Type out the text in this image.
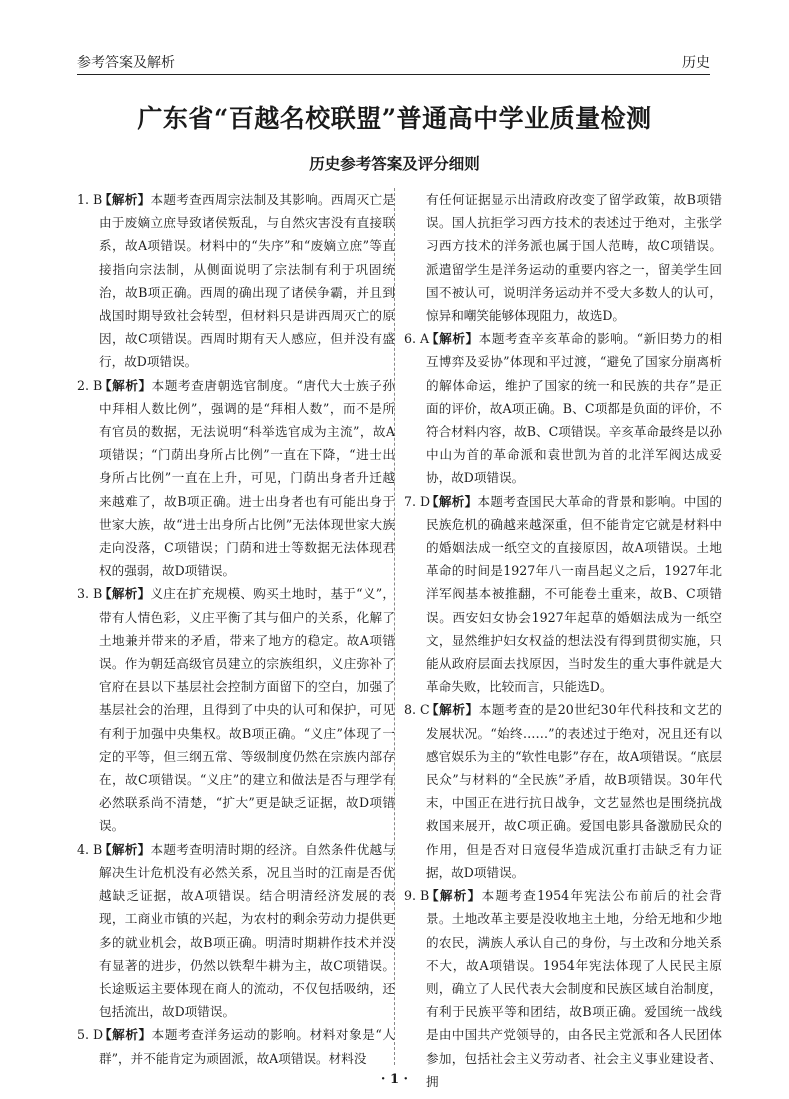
参考答案及解析	历史
广东省“百越名校联盟”普通高中学业质量检测
历史参考答案及评分细则

1. B
【解析】本题考查西周宗法制及其影响。西周灭亡是由于废嫡立庶导致诸侯叛乱，与自然灾害没有直接联系，故A项错误。材料中的“失序”和“废嫡立庶”等直接指向宗法制，从侧面说明了宗法制有利于巩固统治，故B项正确。西周的确出现了诸侯争霸，并且到战国时期导致社会转型，但材料只是讲西周灭亡的原因，故C项错误。西周时期有天人感应，但并没有盛行，故D项错误。

2. B
【解析】本题考查唐朝选官制度。“唐代大士族子孙中拜相人数比例”，强调的是“拜相人数”，而不是所有官员的数据，无法说明“科举选官成为主流”，故A项错误；“门荫出身所占比例”一直在下降，“进士出身所占比例”一直在上升，可见，门荫出身者升迁越来越难了，故B项正确。进士出身者也有可能出身于世家大族，故“进士出身所占比例”无法体现世家大族走向没落，C项错误；门荫和进士等数据无法体现君权的强弱，故D项错误。

3. B
【解析】义庄在扩充规模、购买土地时，基于“义”，带有人情色彩，义庄平衡了其与佃户的关系，化解了土地兼并带来的矛盾，带来了地方的稳定。故A项错误。作为朝廷高级官员建立的宗族组织，义庄弥补了官府在县以下基层社会控制方面留下的空白，加强了基层社会的治理，且得到了中央的认可和保护，可见有利于加强中央集权。故B项正确。“义庄”体现了一定的平等，但三纲五常、等级制度仍然在宗族内部存在，故C项错误。“义庄”的建立和做法是否与理学有必然联系尚不清楚，“扩大”更是缺乏证据，故D项错误。

4. B
【解析】本题考查明清时期的经济。自然条件优越与解决生计危机没有必然关系，况且当时的江南是否优越缺乏证据，故A项错误。结合明清经济发展的表现，工商业市镇的兴起，为农村的剩余劳动力提供更多的就业机会，故B项正确。明清时期耕作技术并没有显著的进步，仍然以铁犁牛耕为主，故C项错误。长途贩运主要体现在商人的流动，不仅包括吸纳，还包括流出，故D项错误。

5. D
【解析】本题考查洋务运动的影响。材料对象是“人群”，并不能肯定为顽固派，故A项错误。材料没

有任何证据显示出清政府改变了留学政策，故B项错误。国人抗拒学习西方技术的表述过于绝对，主张学习西方技术的洋务派也属于国人范畴，故C项错误。派遣留学生是洋务运动的重要内容之一，留美学生回国不被认可，说明洋务运动并不受大多数人的认可，惊异和嘲笑能够体现阻力，故选D。

6. A
【解析】本题考查辛亥革命的影响。“新旧势力的相互博弈及妥协”体现和平过渡，“避免了国家分崩离析的解体命运，维护了国家的统一和民族的共存”是正面的评价，故A项正确。B、C项都是负面的评价，不符合材料内容，故B、C项错误。辛亥革命最终是以孙中山为首的革命派和袁世凯为首的北洋军阀达成妥协，故D项错误。

7. D
【解析】本题考查国民大革命的背景和影响。中国的民族危机的确越来越深重，但不能肯定它就是材料中的婚姻法成一纸空文的直接原因，故A项错误。土地革命的时间是1927年八一南昌起义之后，1927年北洋军阀基本被推翻，不可能卷土重来，故B、C项错误。西安妇女协会1927年起草的婚姻法成为一纸空文，显然维护妇女权益的想法没有得到贯彻实施，只能从政府层面去找原因，当时发生的重大事件就是大革命失败，比较而言，只能选D。

8. C
【解析】本题考查的是20世纪30年代科技和文艺的发展状况。“始终……”的表述过于绝对，况且还有以感官娱乐为主的“软性电影”存在，故A项错误。“底层民众”与材料的“全民族”矛盾，故B项错误。30年代末，中国正在进行抗日战争，文艺显然也是围绕抗战救国来展开，故C项正确。爱国电影具备激励民众的作用，但是否对日寇侵华造成沉重打击缺乏有力证据，故D项错误。

9. B
【解析】本题考查1954年宪法公布前后的社会背景。土地改革主要是没收地主土地，分给无地和少地的农民，满族人承认自己的身份，与土改和分地关系不大，故A项错误。1954年宪法体现了人民民主原则，确立了人民代表大会制度和民族区域自治制度，有利于民族平等和团结，故B项正确。爱国统一战线是由中国共产党领导的，由各民主党派和各人民团体参加，包括社会主义劳动者、社会主义事业建设者、拥

· 1 ·
